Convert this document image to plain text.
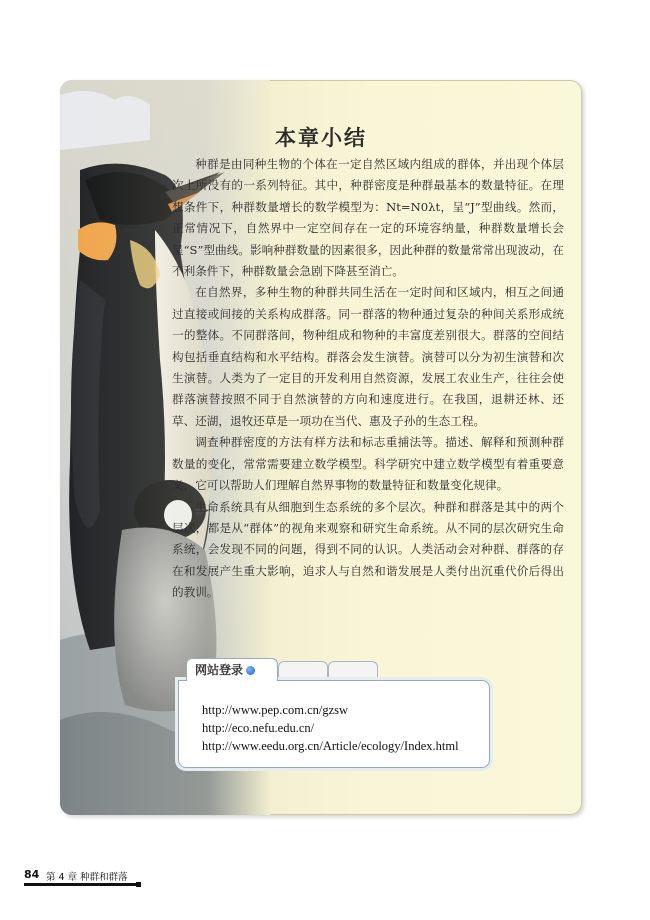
本章小结

种群是由同种生物的个体在一定自然区域内组成的群体，并出现个体层次上所没有的一系列特征。其中，种群密度是种群最基本的数量特征。在理想条件下，种群数量增长的数学模型为：Nt=N0λt，呈“J”型曲线。然而，正常情况下，自然界中一定空间存在一定的环境容纳量，种群数量增长会呈“S”型曲线。影响种群数量的因素很多，因此种群的数量常常出现波动，在不利条件下，种群数量会急剧下降甚至消亡。

在自然界，多种生物的种群共同生活在一定时间和区域内，相互之间通过直接或间接的关系构成群落。同一群落的物种通过复杂的种间关系形成统一的整体。不同群落间，物种组成和物种的丰富度差别很大。群落的空间结构包括垂直结构和水平结构。群落会发生演替。演替可以分为初生演替和次生演替。人类为了一定目的开发利用自然资源，发展工农业生产，往往会使群落演替按照不同于自然演替的方向和速度进行。在我国，退耕还林、还草、还湖，退牧还草是一项功在当代、惠及子孙的生态工程。

调查种群密度的方法有样方法和标志重捕法等。描述、解释和预测种群数量的变化，常常需要建立数学模型。科学研究中建立数学模型有着重要意义，它可以帮助人们理解自然界事物的数量特征和数量变化规律。

生命系统具有从细胞到生态系统的多个层次。种群和群落是其中的两个层次，都是从“群体”的视角来观察和研究生命系统。从不同的层次研究生命系统，会发现不同的问题，得到不同的认识。人类活动会对种群、群落的存在和发展产生重大影响，追求人与自然和谐发展是人类付出沉重代价后得出的教训。

http://www.pep.com.cn/gzsw
http://eco.nefu.edu.cn/
http://www.eedu.org.cn/Article/ecology/Index.html
网站登录
84 第 4 章 种群和群落
